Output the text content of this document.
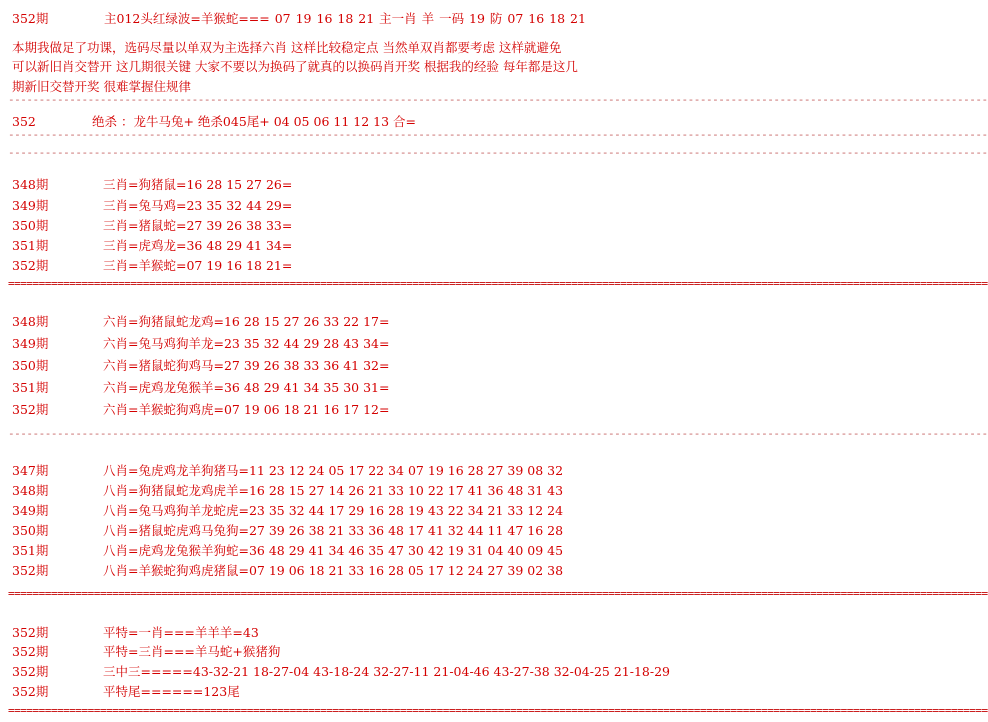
352期	主012头红绿波=羊猴蛇=== 07 19 16 18 21 主一肖 羊 一码 19 防 07 16 18 21
本期我做足了功课，选码尽量以单双为主选择六肖 这样比较稳定点 当然单双肖都要考虑 这样就避免
可以新旧肖交替开 这几期很关键 大家不要以为换码了就真的以换码肖开奖 根据我的经验 每年都是这几
期新旧交替开奖 很难掌握住规律
----------------------------------------------------------------------------------------------------------------------------------------------------------------
352	绝杀 ：龙牛马兔+ 绝杀045尾+ 04 05 06 11 12 13 合=
----------------------------------------------------------------------------------------------------------------------------------------------------------------
----------------------------------------------------------------------------------------------------------------------------------------------------------------
348期	三肖=狗猪鼠=16 28 15 27 26=
349期	三肖=兔马鸡=23 35 32 44 29=
350期	三肖=猪鼠蛇=27 39 26 38 33=
351期	三肖=虎鸡龙=36 48 29 41 34=
352期	三肖=羊猴蛇=07 19 16 18 21=
================================================================================================================================================================
348期	六肖=狗猪鼠蛇龙鸡=16 28 15 27 26 33 22 17=
349期	六肖=兔马鸡狗羊龙=23 35 32 44 29 28 43 34=
350期	六肖=猪鼠蛇狗鸡马=27 39 26 38 33 36 41 32=
351期	六肖=虎鸡龙兔猴羊=36 48 29 41 34 35 30 31=
352期	六肖=羊猴蛇狗鸡虎=07 19 06 18 21 16 17 12=
----------------------------------------------------------------------------------------------------------------------------------------------------------------
347期	八肖=兔虎鸡龙羊狗猪马=11 23 12 24 05 17 22 34 07 19 16 28 27 39 08 32
348期	八肖=狗猪鼠蛇龙鸡虎羊=16 28 15 27 14 26 21 33 10 22 17 41 36 48 31 43
349期	八肖=兔马鸡狗羊龙蛇虎=23 35 32 44 17 29 16 28 19 43 22 34 21 33 12 24
350期	八肖=猪鼠蛇虎鸡马兔狗=27 39 26 38 21 33 36 48 17 41 32 44 11 47 16 28
351期	八肖=虎鸡龙兔猴羊狗蛇=36 48 29 41 34 46 35 47 30 42 19 31 04 40 09 45
352期	八肖=羊猴蛇狗鸡虎猪鼠=07 19 06 18 21 33 16 28 05 17 12 24 27 39 02 38
================================================================================================================================================================
352期	平特=一肖===羊羊羊=43
352期	平特=三肖===羊马蛇+猴猪狗
352期	三中三=====43-32-21 18-27-04 43-18-24 32-27-11 21-04-46 43-27-38 32-04-25 21-18-29
352期	平特尾======123尾
================================================================================================================================================================
